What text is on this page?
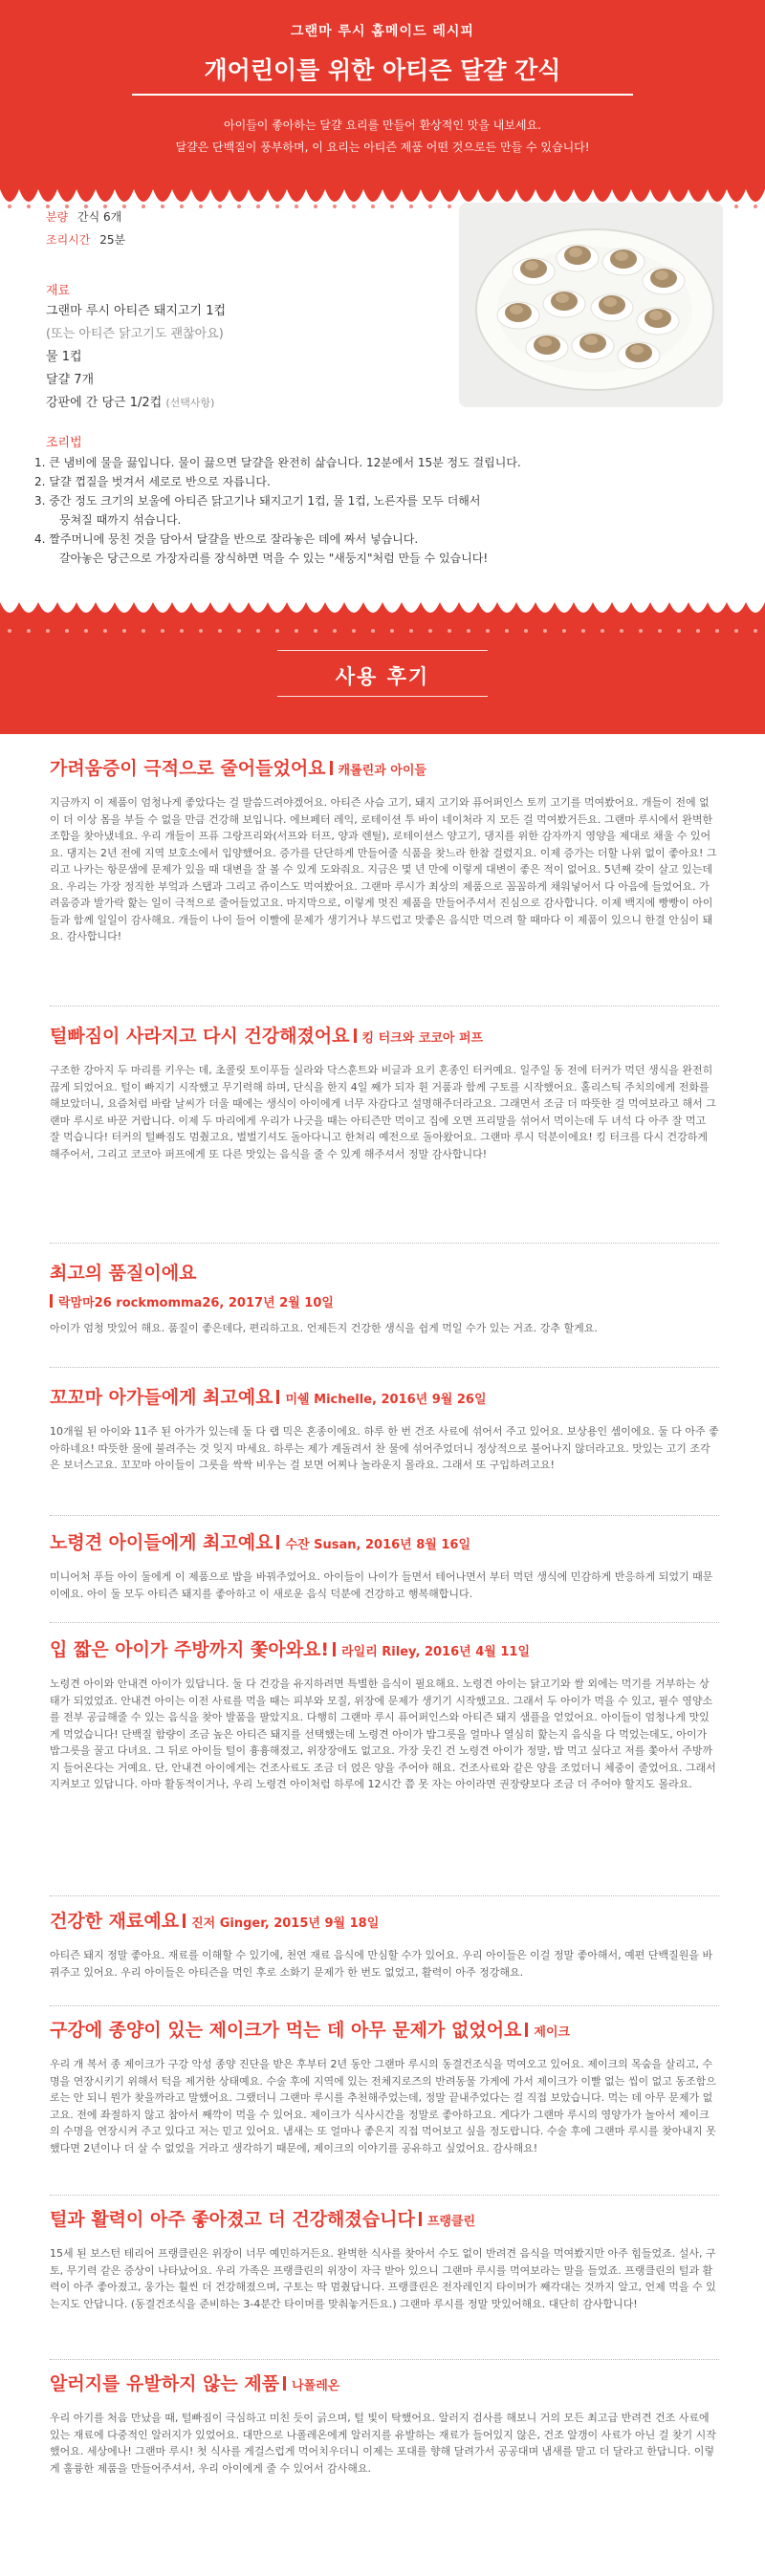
그랜마 루시 홈메이드 레시피
개어린이를 위한 아티즌 달걀 간식
아이들이 좋아하는 달걀 요리를 만들어 환상적인 맛을 내보세요.
달걀은 단백질이 풍부하며, 이 요리는 아티즌 제품 어떤 것으로든 만들 수 있습니다!
분량 간식 6개
조리시간 25분
재료
그랜마 루시 아티즌 돼지고기 1컵
(또는 아티즌 닭고기도 괜찮아요)
물 1컵
달걀 7개
강판에 간 당근 1/2컵 (선택사항)
조리법
1. 큰 냄비에 물을 끓입니다. 물이 끓으면 달걀을 완전히 삶습니다. 12분에서 15분 정도 걸립니다.
2. 달걀 껍질을 벗겨서 세로로 반으로 자릅니다.
3. 중간 정도 크기의 보울에 아티즌 닭고기나 돼지고기 1컵, 물 1컵, 노른자를 모두 더해서
뭉쳐질 때까지 섞습니다.
4. 짤주머니에 뭉친 것을 담아서 달걀을 반으로 잘라놓은 데에 짜서 넣습니다.
갈아놓은 당근으로 가장자리를 장식하면 먹을 수 있는 "새둥지"처럼 만들 수 있습니다!
사용 후기
가려움증이 극적으로 줄어들었어요 캐롤린과 아이들
지금까지 이 제품이 엄청나게 좋았다는 걸 말씀드려야겠어요. 아티즌 사슴 고기, 돼지 고기와 퓨어퍼인스 토끼 고기를 먹여봤어요. 개들이 전에 없이 더 이상 몸을 부들 수 없을 만큼 건강해 보입니다. 에브페터 레익, 로테이션 투 바이 네이처라 지 모든 걸 먹여봤거든요. 그랜마 루시에서 완벽한 조합을 찾아냈네요. 우리 개들이 프퓨 그랑프리와(서프와 터프, 양과 렌틸), 로테이션스 양고기, 댕지를 위한 감자까지 영양을 제대로 채울 수 있어요. 댕지는 2년 전에 지역 보호소에서 입양했어요. 증가를 단단하게 만들어줄 식품을 찾느라 한참 걸렸지요. 이제 증가는 더할 나위 없이 좋아요! 그리고 나카는 항문샘에 문제가 있을 때 대변을 잘 볼 수 있게 도와줘요. 지금은 몇 년 만에 이렇게 대변이 좋은 적이 없어요. 5년째 갖이 살고 있는데요. 우리는 가장 정직한 부엌과 스탭과 그리고 쥬이스도 먹여봤어요. 그랜마 루시가 최상의 제품으로 꼼꼼하게 채워넣어서 다 아음에 들었어요. 가려움증과 발가락 핥는 일이 극적으로 줄어들었고요. 마지막으로, 이렇게 멋진 제품을 만들어주셔서 진심으로 감사합니다. 이제 백지에 빵빵이 아이들과 함께 일일이 감사해요. 개들이 나이 들어 이빨에 문제가 생기거나 부드럽고 맛좋은 음식만 먹으려 할 때마다 이 제품이 있으니 한결 안심이 돼요. 감사합니다!
털빠짐이 사라지고 다시 건강해졌어요 킹 터크와 코코아 퍼프
구조한 강아지 두 마리를 키우는 데, 초콜릿 토이푸들 실라와 닥스훈트와 비글과 요키 혼종인 터커예요. 일주일 동 전에 터커가 먹던 생식을 완전히 끊게 되었어요. 털이 빠지기 시작했고 무기력해 하며, 단식을 한지 4일 째가 되자 휜 거품과 함께 구토를 시작했어요. 홀리스틱 주치의에게 전화를 해보았더니, 요즘처럼 바람 날씨가 더울 때에는 생식이 아이에게 너무 자감다고 설명해주더라고요. 그래면서 조금 더 따뜻한 걸 먹여보라고 해서 그랜마 루시로 바꾼 거랍니다. 이제 두 마리에게 우리가 나긋을 때는 아티즌만 먹이고 집에 오면 프리말을 섞어서 먹이는데 두 녀석 다 아주 잘 먹고 잘 먹습니다! 터커의 털빠짐도 멈췄고요, 벌벌기셔도 돌아다니고 한쳐리 예전으로 돌아왔어요. 그랜마 루시 덕분이에요! 킹 터크를 다시 건강하게 해주어서, 그리고 코코아 퍼프에게 또 다른 맛있는 음식을 줄 수 있게 해주셔서 정말 감사합니다!
최고의 품질이에요
락맘마26 rockmomma26, 2017년 2월 10일
아이가 엄청 맛있어 해요. 품질이 좋은데다, 편리하고요. 언제든지 건강한 생식을 쉽게 먹일 수가 있는 거죠. 강추 할게요.
꼬꼬마 아가들에게 최고예요 미쉘 Michelle, 2016년 9월 26일
10개월 된 아이와 11주 된 아가가 있는데 둘 다 랩 믹은 혼종이에요. 하루 한 번 건조 사료에 섞어서 주고 있어요. 보상용인 셈이에요. 둘 다 아주 좋아하네요! 따뜻한 물에 불려주는 것 잊지 마세요. 하루는 제가 계돌려서 찬 물에 섞어주었더니 정상적으로 불어나지 않더라고요. 맛있는 고기 조각은 보너스고요. 꼬꼬마 아이들이 그릇을 싹싹 비우는 걸 보면 어찌나 놀라운지 몰라요. 그래서 또 구입하려고요!
노령견 아이들에게 최고예요 수잔 Susan, 2016년 8월 16일
미니어처 푸들 아이 둘에게 이 제품으로 밥을 바꿔주었어요. 아이들이 나이가 들면서 테어나면서 부터 먹던 생식에 민감하게 반응하게 되었기 때문이에요. 아이 둘 모두 아티즌 돼지를 좋아하고 이 새로운 음식 덕분에 건강하고 행복해합니다.
입 짧은 아이가 주방까지 쫓아와요! 라일리 Riley, 2016년 4월 11일
노령견 아이와 안내견 아이가 있답니다. 둘 다 건강을 유지하려면 특별한 음식이 필요해요. 노령견 아이는 닭고기와 쌀 외에는 먹기를 거부하는 상태가 되었었죠. 안내견 아이는 이전 사료를 먹을 때는 피부와 모질, 위장에 문제가 생기기 시작했고요. 그래서 두 아이가 먹을 수 있고, 필수 영양소를 전부 공급해줄 수 있는 음식을 찾아 발품을 팔았지요. 다행히 그랜마 루시 퓨어퍼인스와 아티즌 돼지 샘플을 얻었어요. 아이들이 엄청나게 맛있게 먹었습니다! 단백질 함량이 조금 높은 아티즌 돼지를 선택했는데 노령견 아이가 밥그릇을 얼마나 열심히 핥는지 음식을 다 먹었는데도, 아이가 밥그릇을 꿀고 다녀요. 그 뒤로 아이들 털이 흉흉해졌고, 위장장애도 없고요. 가장 웃긴 건 노령견 아이가 정말, 밥 먹고 싶다고 저를 쫓아서 주방까지 들어온다는 거예요. 단, 안내견 아이에게는 건조사료도 조금 더 얹은 양을 주어야 해요. 건조사료와 같은 양을 조었더니 체중이 줄었어요. 그래서 지켜보고 있답니다. 아마 활동적이거나, 우리 노령견 아이처럼 하루에 12시간 쯤 못 자는 아이라면 권장량보다 조금 더 주어야 할지도 몰라요.
건강한 재료예요 진저 Ginger, 2015년 9월 18일
아티즌 돼지 정말 좋아요. 재료를 이해할 수 있기에, 천연 재료 음식에 만심할 수가 있어요. 우리 아이들은 이걸 정말 좋아해서, 예편 단백질원을 바꿔주고 있어요. 우리 아이들은 아티즌을 먹인 후로 소화기 문제가 한 번도 없었고, 활력이 아주 정강해요.
구강에 종양이 있는 제이크가 먹는 데 아무 문제가 없었어요 제이크
우리 개 복서 종 제이크가 구강 악성 종양 진단을 받은 후부터 2년 동안 그랜마 루시의 동결건조식을 먹여오고 있어요. 제이크의 목숨을 살리고, 수명을 연장시키기 위해서 턱을 제거한 상태예요. 수술 후에 지역에 있는 전체지로즈의 반려동물 가게에 가서 제이크가 이빨 없는 씹이 없고 동조함으로는 안 되니 뭔가 찾을까라고 말했어요. 그랬더니 그랜마 루시를 추천해주었는데, 정말 끝내주었다는 걸 직접 보았습니다. 먹는 데 아무 문제가 없고요. 전에 좌절하지 않고 참아서 째깍이 먹을 수 있어요. 제이크가 식사시간을 정말로 좋아하고요. 게다가 그랜마 루시의 영양가가 놀아서 제이크의 수명을 연장시켜 주고 있다고 저는 믿고 있어요. 냄새는 또 얼마나 좋은지 직접 먹어보고 싶을 정도랍니다. 수술 후에 그랜마 루시를 찾아내지 못했다면 2년이나 더 살 수 없었을 거라고 생각하기 때문에, 제이크의 이야기를 공유하고 싶었어요. 감사해요!
털과 활력이 아주 좋아졌고 더 건강해졌습니다 프랭클린
15세 된 보스턴 테리어 프랭클린은 위장이 너무 예민하거든요. 완벽한 식사를 찾아서 수도 없이 반려견 음식을 먹여봤지만 아주 힘들었죠. 설사, 구토, 무기력 같은 증상이 나타났어요. 우리 가족은 프랭클린의 위장이 자극 받아 있으니 그랜마 루시를 먹여보라는 말을 들었죠. 프랭클린의 털과 활력이 아주 좋아졌고, 웅가는 훨씬 더 건강해졌으며, 구토는 딱 멈췄답니다. 프랭클린은 전자레인지 타이머가 째각대는 것까지 알고, 언제 먹을 수 있는지도 안답니다. (동결건조식을 준비하는 3-4분간 타이머를 맞춰놓거든요.) 그랜마 루시를 정말 맛있어해요. 대단히 감사합니다!
알러지를 유발하지 않는 제품 나폴레온
우리 아기를 처음 만났을 때, 털빠짐이 극심하고 미친 듯이 긁으며, 털 빛이 탁했어요. 알러지 검사를 해보니 거의 모든 최고급 반려견 건조 사료에 있는 재료에 다중적인 알러지가 있었어요. 대만으로 나폴레온에게 알러지를 유발하는 재료가 들어있지 않은, 건조 알갱이 사료가 아닌 걸 찾기 시작했어요. 세상에나! 그랜마 루시! 첫 식사를 게걸스럽게 먹어치우더니 이제는 포대를 향해 달려가서 공공대며 냄새를 맡고 더 달라고 한답니다. 이렇게 훌륭한 제품을 만들어주셔서, 우리 아이에게 줄 수 있어서 감사해요.
